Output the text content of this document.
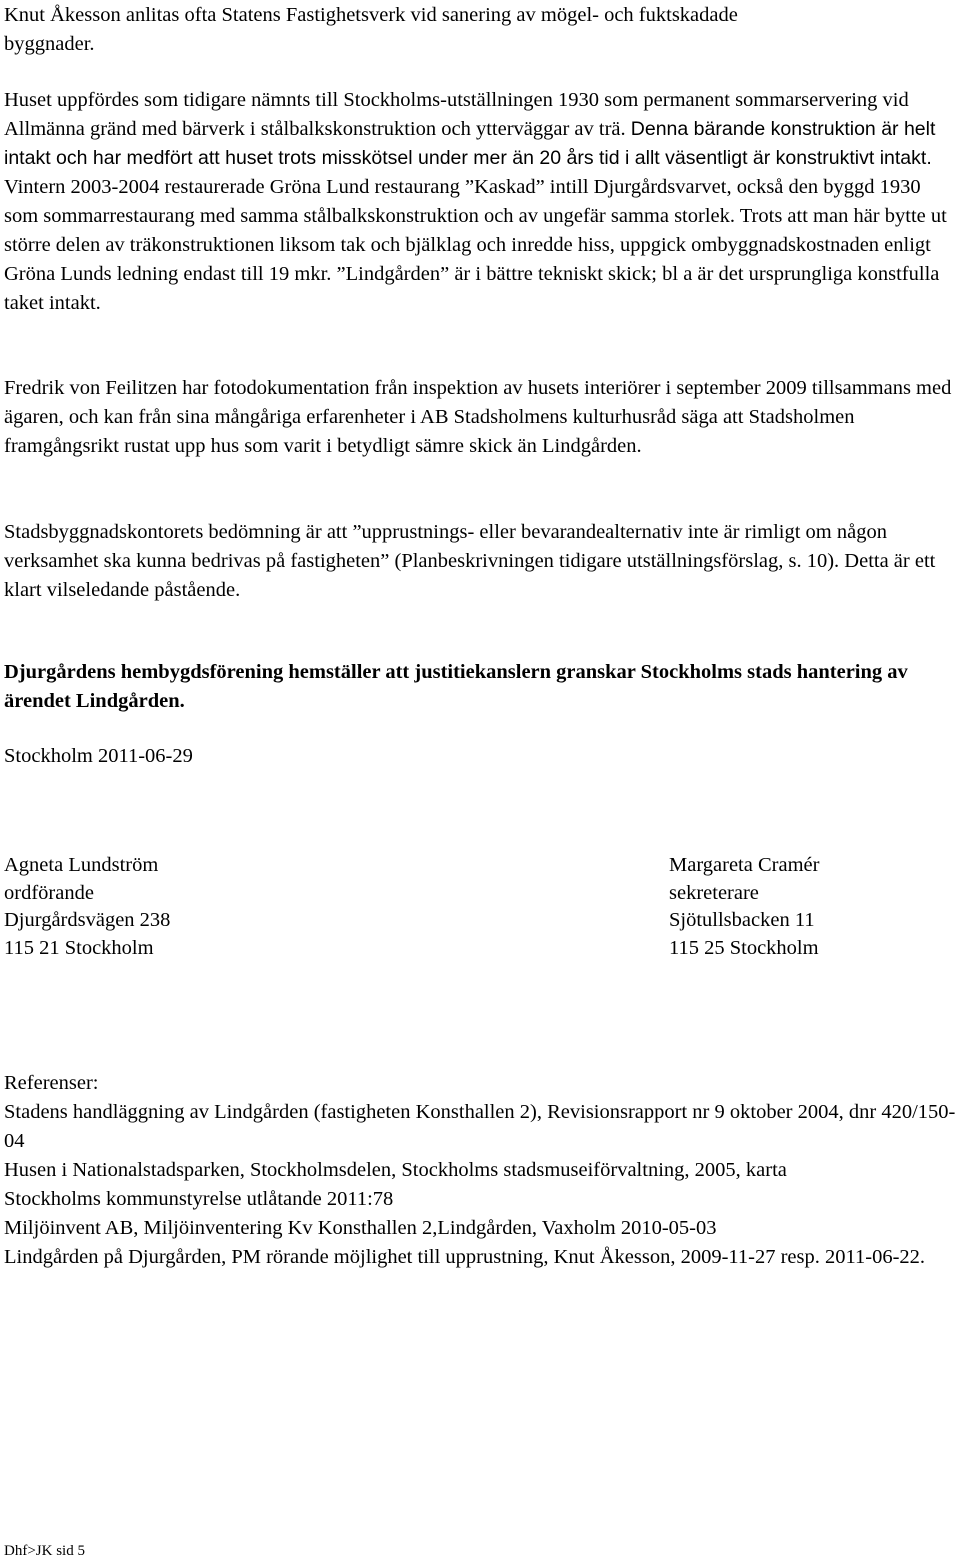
Knut Åkesson anlitas ofta Statens Fastighetsverk vid sanering av mögel- och fuktskadade
byggnader.
Huset uppfördes som tidigare nämnts till Stockholms-utställningen 1930 som permanent sommarservering vid Allmänna gränd med bärverk i stålbalkskonstruktion och ytterväggar av trä. Denna bärande konstruktion är helt intakt och har medfört att huset trots misskötsel under mer än 20 års tid i allt väsentligt är konstruktivt intakt. Vintern 2003-2004 restaurerade Gröna Lund restaurang ”Kaskad” intill Djurgårdsvarvet, också den byggd 1930 som sommarrestaurang med samma stålbalkskonstruktion och av ungefär samma storlek. Trots att man här bytte ut större delen av träkonstruktionen liksom tak och bjälklag och inredde hiss, uppgick ombyggnadskostnaden enligt Gröna Lunds ledning endast till 19 mkr. ”Lindgården” är i bättre tekniskt skick; bl a är det ursprungliga konstfulla taket intakt.
Fredrik von Feilitzen har fotodokumentation från inspektion av husets interiörer i september 2009 tillsammans med ägaren, och kan från sina mångåriga erfarenheter i AB Stadsholmens kulturhusråd säga att Stadsholmen framgångsrikt rustat upp hus som varit i betydligt sämre skick än Lindgården.
Stadsbyggnadskontorets bedömning är att ”upprustnings- eller bevarandealternativ inte är rimligt om någon verksamhet ska kunna bedrivas på fastigheten” (Planbeskrivningen tidigare utställningsförslag, s. 10). Detta är ett klart vilseledande påstående.
Djurgårdens hembygdsförening hemställer att justitiekanslern granskar Stockholms stads hantering av ärendet Lindgården.
Stockholm 2011-06-29
Agneta Lundström
ordförande
Djurgårdsvägen 238
115 21 Stockholm
Margareta Cramér
sekreterare
Sjötullsbacken 11
115 25 Stockholm
Referenser:
Stadens handläggning av Lindgården (fastigheten Konsthallen 2), Revisionsrapport nr 9 oktober 2004, dnr 420/150-04
Husen i Nationalstadsparken, Stockholmsdelen, Stockholms stadsmuseiförvaltning, 2005, karta
Stockholms kommunstyrelse utlåtande 2011:78
Miljöinvent AB, Miljöinventering Kv Konsthallen 2,Lindgården, Vaxholm 2010-05-03
Lindgården på Djurgården, PM rörande möjlighet till upprustning, Knut Åkesson, 2009-11-27 resp. 2011-06-22.
Dhf>JK sid 5
